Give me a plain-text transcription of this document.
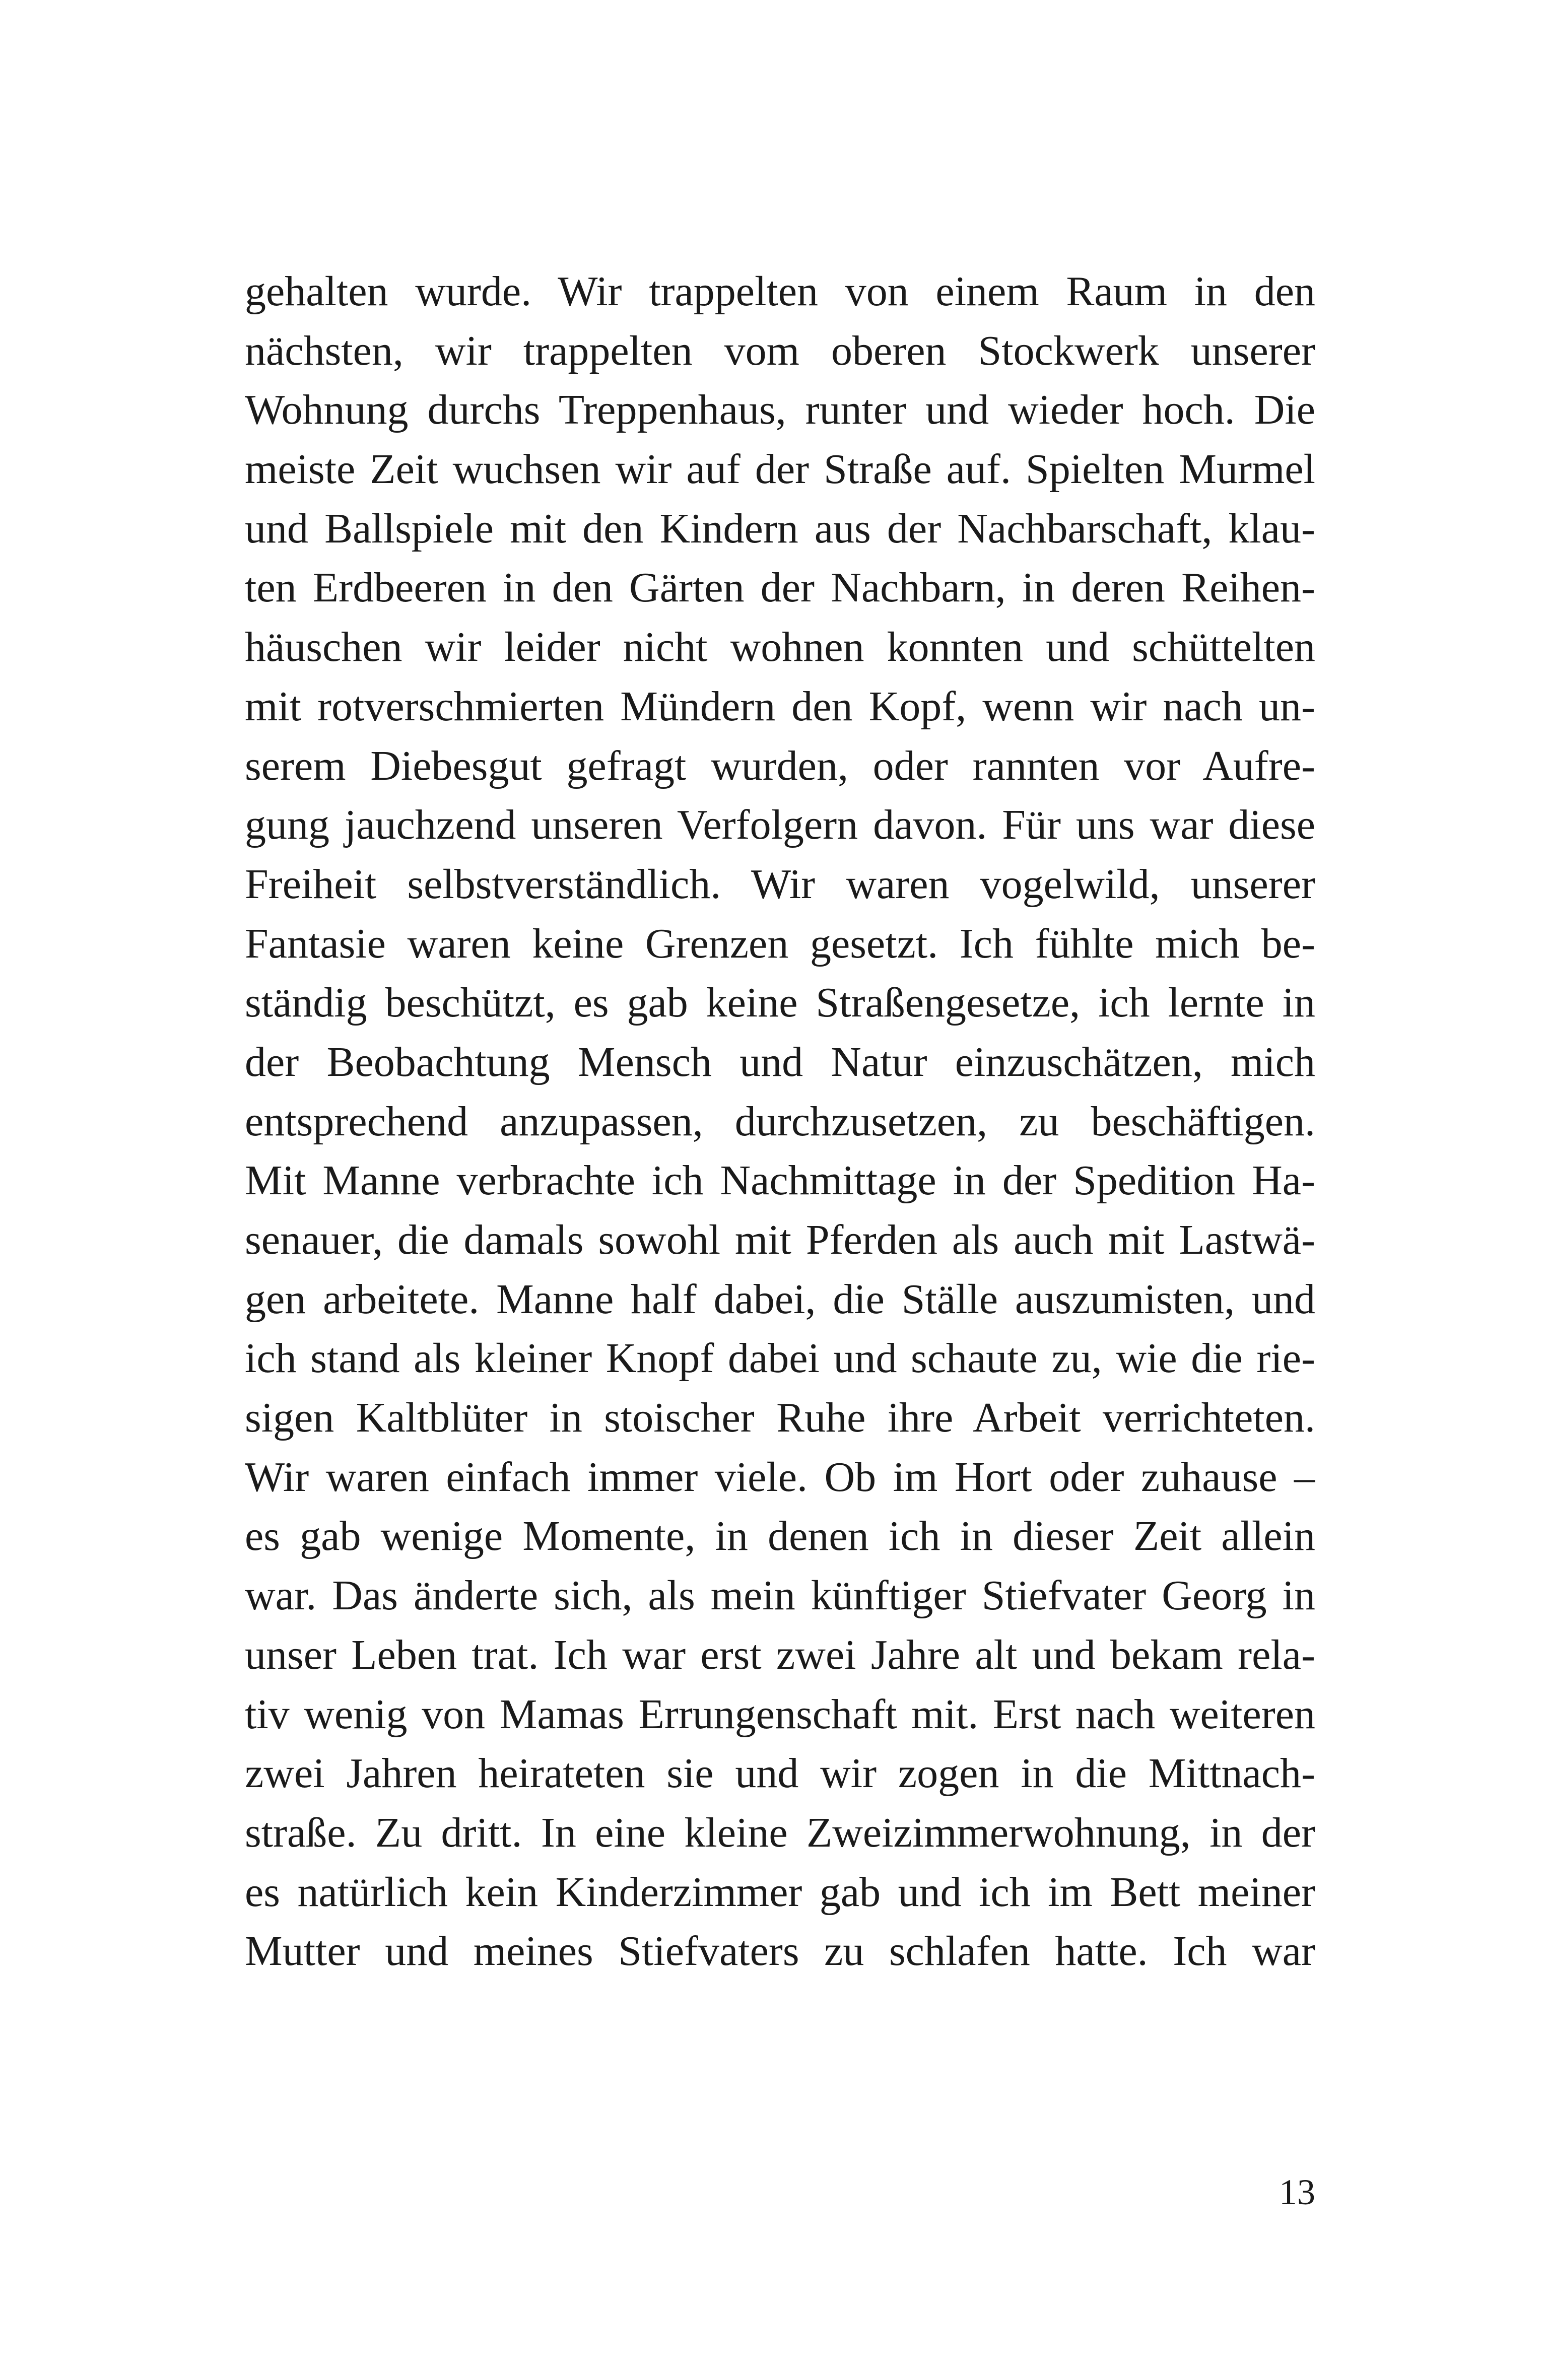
gehalten wurde. Wir trappelten von einem Raum in den
nächsten, wir trappelten vom oberen Stockwerk unserer
Wohnung durchs Treppenhaus, runter und wieder hoch. Die
meiste Zeit wuchsen wir auf der Straße auf. Spielten Murmel
und Ballspiele mit den Kindern aus der Nachbarschaft, klau-
ten Erdbeeren in den Gärten der Nachbarn, in deren Reihen-
häuschen wir leider nicht wohnen konnten und schüttelten
mit rotverschmierten Mündern den Kopf, wenn wir nach un-
serem Diebesgut gefragt wurden, oder rannten vor Aufre-
gung jauchzend unseren Verfolgern davon. Für uns war diese
Freiheit selbstverständlich. Wir waren vogelwild, unserer
Fantasie waren keine Grenzen gesetzt. Ich fühlte mich be-
ständig beschützt, es gab keine Straßengesetze, ich lernte in
der Beobachtung Mensch und Natur einzuschätzen, mich
entsprechend anzupassen, durchzusetzen, zu beschäftigen.
Mit Manne verbrachte ich Nachmittage in der Spedition Ha-
senauer, die damals sowohl mit Pferden als auch mit Lastwä-
gen arbeitete. Manne half dabei, die Ställe auszumisten, und
ich stand als kleiner Knopf dabei und schaute zu, wie die rie-
sigen Kaltblüter in stoischer Ruhe ihre Arbeit verrichteten.
Wir waren einfach immer viele. Ob im Hort oder zuhause –
es gab wenige Momente, in denen ich in dieser Zeit allein
war. Das änderte sich, als mein künftiger Stiefvater Georg in
unser Leben trat. Ich war erst zwei Jahre alt und bekam rela-
tiv wenig von Mamas Errungenschaft mit. Erst nach weiteren
zwei Jahren heirateten sie und wir zogen in die Mittnach-
straße. Zu dritt. In eine kleine Zweizimmerwohnung, in der
es natürlich kein Kinderzimmer gab und ich im Bett meiner
Mutter und meines Stiefvaters zu schlafen hatte. Ich war
13
